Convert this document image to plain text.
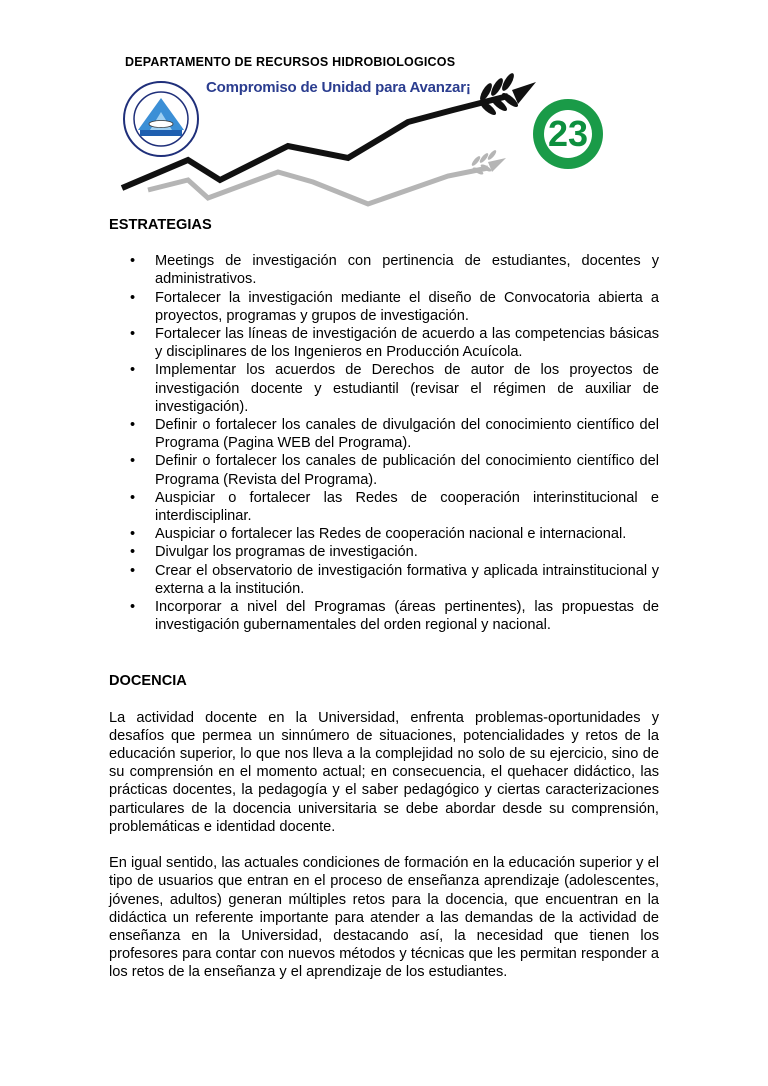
DEPARTAMENTO DE RECURSOS HIDROBIOLOGICOS
Compromiso de Unidad para Avanzar¡
23
ESTRATEGIAS
• Meetings de investigación con pertinencia de estudiantes, docentes y administrativos.
• Fortalecer la investigación mediante el diseño de Convocatoria abierta a proyectos, programas y grupos de investigación.
• Fortalecer las líneas de investigación de acuerdo a las competencias básicas y disciplinares de los Ingenieros en Producción Acuícola.
• Implementar los acuerdos de Derechos de autor de los proyectos de investigación docente y estudiantil (revisar el régimen de auxiliar de investigación).
• Definir o fortalecer los canales de divulgación del conocimiento científico del Programa (Pagina WEB del Programa).
• Definir o fortalecer los canales de publicación del conocimiento científico del Programa (Revista del Programa).
• Auspiciar o fortalecer las Redes de cooperación interinstitucional e interdisciplinar.
• Auspiciar o fortalecer las Redes de cooperación nacional e internacional.
• Divulgar los programas de investigación.
• Crear el observatorio de investigación formativa y aplicada intrainstitucional y externa a la institución.
• Incorporar a nivel del Programas (áreas pertinentes), las propuestas de investigación gubernamentales del orden regional y nacional.
DOCENCIA

La actividad docente en la Universidad, enfrenta problemas-oportunidades y desafíos que permea un sinnúmero de situaciones, potencialidades y retos de la educación superior, lo que nos lleva a la complejidad no solo de su ejercicio, sino de su comprensión en el momento actual; en consecuencia, el quehacer didáctico, las prácticas docentes, la pedagogía y el saber pedagógico y ciertas caracterizaciones particulares de la docencia universitaria se debe abordar desde su comprensión, problemáticas e identidad docente.

En igual sentido, las actuales condiciones de formación en la educación superior y el tipo de usuarios que entran en el proceso de enseñanza aprendizaje (adolescentes, jóvenes, adultos) generan múltiples retos para la docencia, que encuentran en la didáctica un referente importante para atender a las demandas de la actividad de enseñanza en la Universidad, destacando así, la necesidad que tienen los profesores para contar con nuevos métodos y técnicas que les permitan responder a los retos de la enseñanza y el aprendizaje de los estudiantes.
